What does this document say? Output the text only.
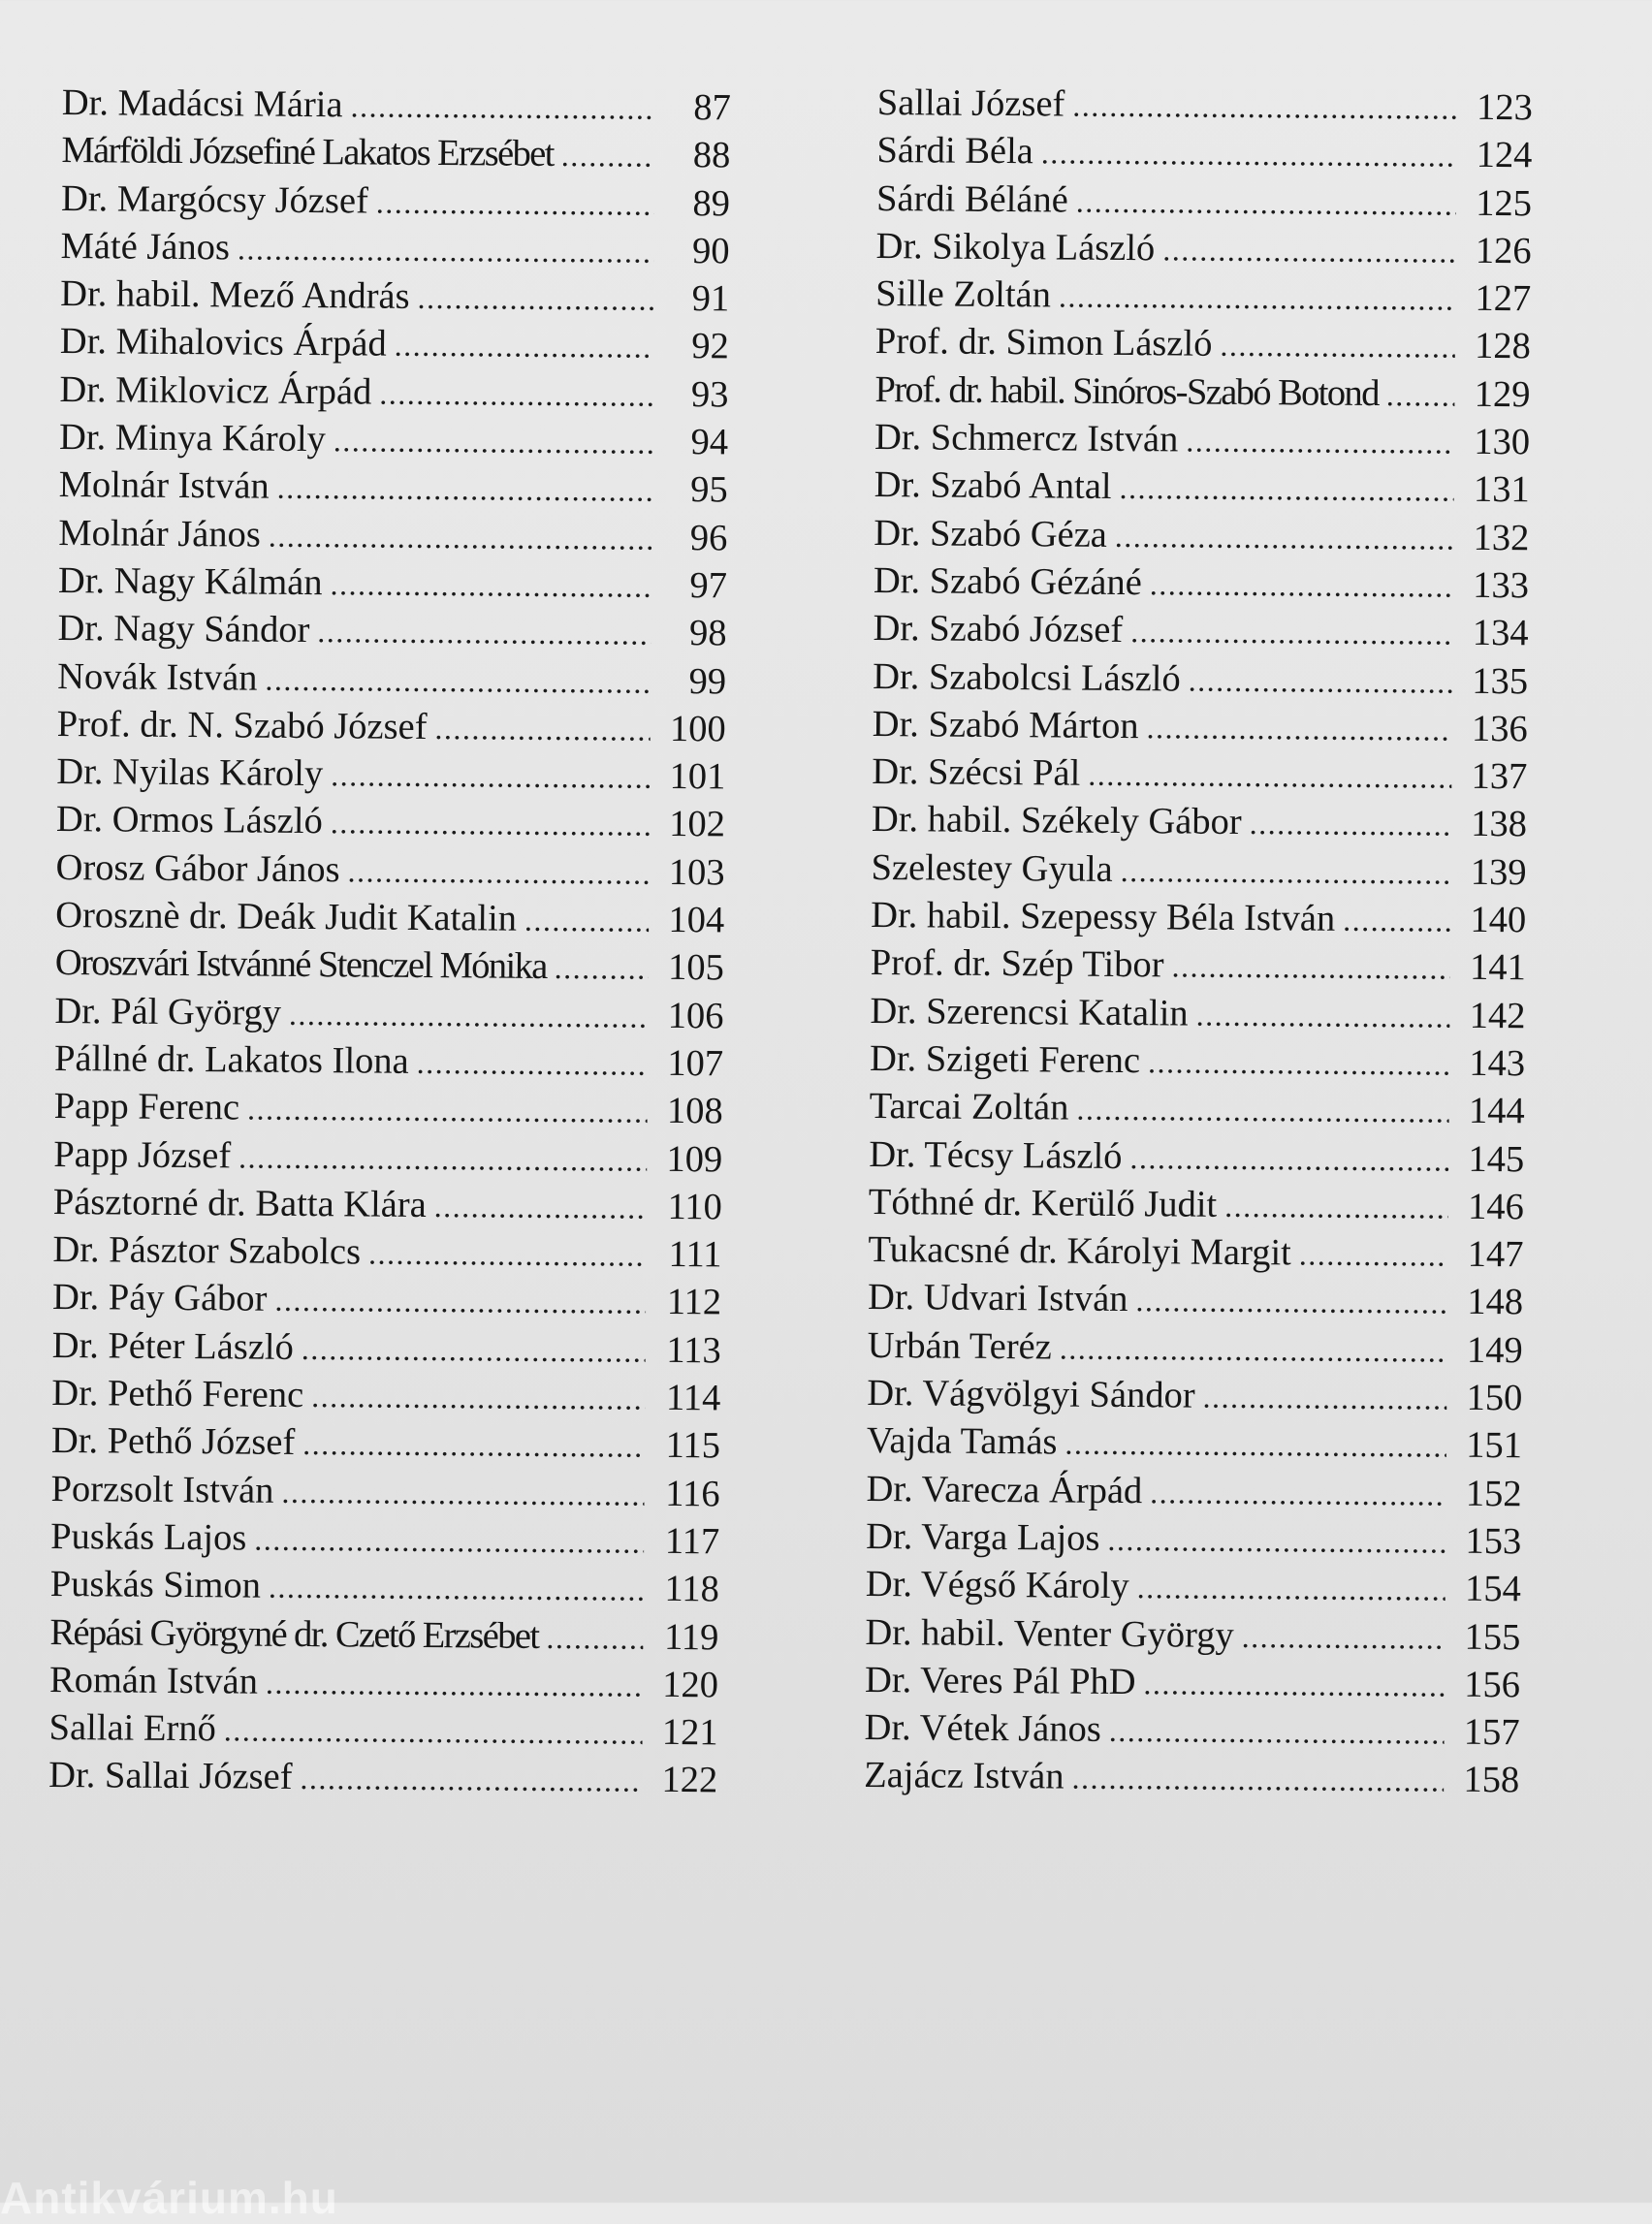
Dr. Madácsi Mária .....	87
Márföldi Józsefiné Lakatos Erzsébet .....	88
Dr. Margócsy József .....	89
Máté János .....	90
Dr. habil. Mező András .....	91
Dr. Mihalovics Árpád .....	92
Dr. Miklovicz Árpád .....	93
Dr. Minya Károly .....	94
Molnár István .....	95
Molnár János .....	96
Dr. Nagy Kálmán .....	97
Dr. Nagy Sándor .....	98
Novák István .....	99
Prof. dr. N. Szabó József .....	100
Dr. Nyilas Károly .....	101
Dr. Ormos László .....	102
Orosz Gábor János .....	103
Orosznè dr. Deák Judit Katalin .....	104
Oroszvári Istvánné Stenczel Mónika .....	105
Dr. Pál György .....	106
Pállné dr. Lakatos Ilona .....	107
Papp Ferenc .....	108
Papp József .....	109
Pásztorné dr. Batta Klára .....	110
Dr. Pásztor Szabolcs .....	111
Dr. Páy Gábor .....	112
Dr. Péter László .....	113
Dr. Pethő Ferenc .....	114
Dr. Pethő József .....	115
Porzsolt István .....	116
Puskás Lajos .....	117
Puskás Simon .....	118
Répási Györgyné dr. Czető Erzsébet .....	119
Román István .....	120
Sallai Ernő .....	121
Dr. Sallai József .....	122
Sallai József .....	123
Sárdi Béla .....	124
Sárdi Béláné .....	125
Dr. Sikolya László .....	126
Sille Zoltán .....	127
Prof. dr. Simon László .....	128
Prof. dr. habil. Sinóros-Szabó Botond .....	129
Dr. Schmercz István .....	130
Dr. Szabó Antal .....	131
Dr. Szabó Géza .....	132
Dr. Szabó Gézáné .....	133
Dr. Szabó József .....	134
Dr. Szabolcsi László .....	135
Dr. Szabó Márton .....	136
Dr. Szécsi Pál .....	137
Dr. habil. Székely Gábor .....	138
Szelestey Gyula .....	139
Dr. habil. Szepessy Béla István .....	140
Prof. dr. Szép Tibor .....	141
Dr. Szerencsi Katalin .....	142
Dr. Szigeti Ferenc .....	143
Tarcai Zoltán .....	144
Dr. Técsy László .....	145
Tóthné dr. Kerülő Judit .....	146
Tukacsné dr. Károlyi Margit .....	147
Dr. Udvari István .....	148
Urbán Teréz .....	149
Dr. Vágvölgyi Sándor .....	150
Vajda Tamás .....	151
Dr. Varecza Árpád .....	152
Dr. Varga Lajos .....	153
Dr. Végső Károly .....	154
Dr. habil. Venter György .....	155
Dr. Veres Pál PhD .....	156
Dr. Vétek János .....	157
Zajácz István .....	158
Antikvárium.hu
